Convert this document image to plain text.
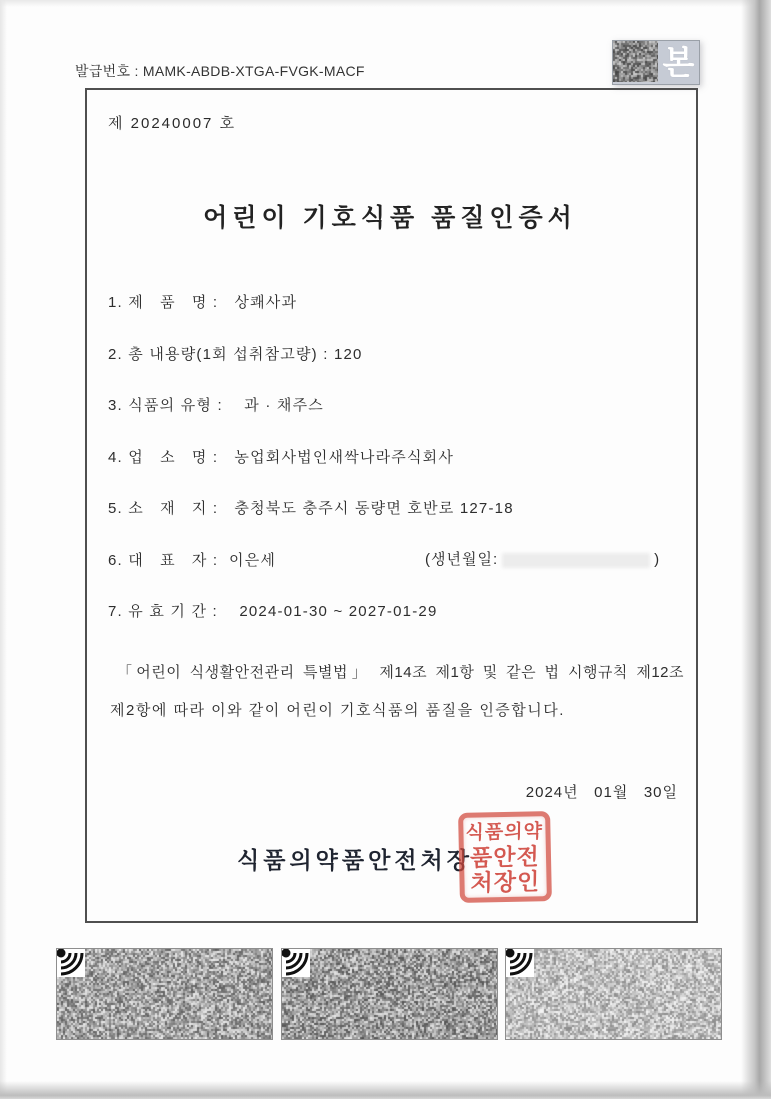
발급번호 : MAMK-ABDB-XTGA-FVGK-MACF	본
제 20240007 호
어린이 기호식품 품질인증서
1. 제   품   명 :   상쾌사과
2. 총 내용량(1회 섭취참고량) : 120
3. 식품의 유형 :    과 · 채주스
4. 업   소   명 :   농업회사법인새싹나라주식회사
5. 소   재   지 :   충청북도 충주시 동량면 호반로 127-18
6. 대   표   자 :  이은세
7. 유 효 기 간 :    2024-01-30 ~ 2027-01-29
(생년월일:	)
「어린이 식생활안전관리 특별법」 제14조 제1항 및 같은 법 시행규칙 제12조
제2항에 따라 이와 같이 어린이 기호식품의 품질을 인증합니다.
2024년   01월   30일
식품의약품안전처장
식품의약
품안전
처장인
